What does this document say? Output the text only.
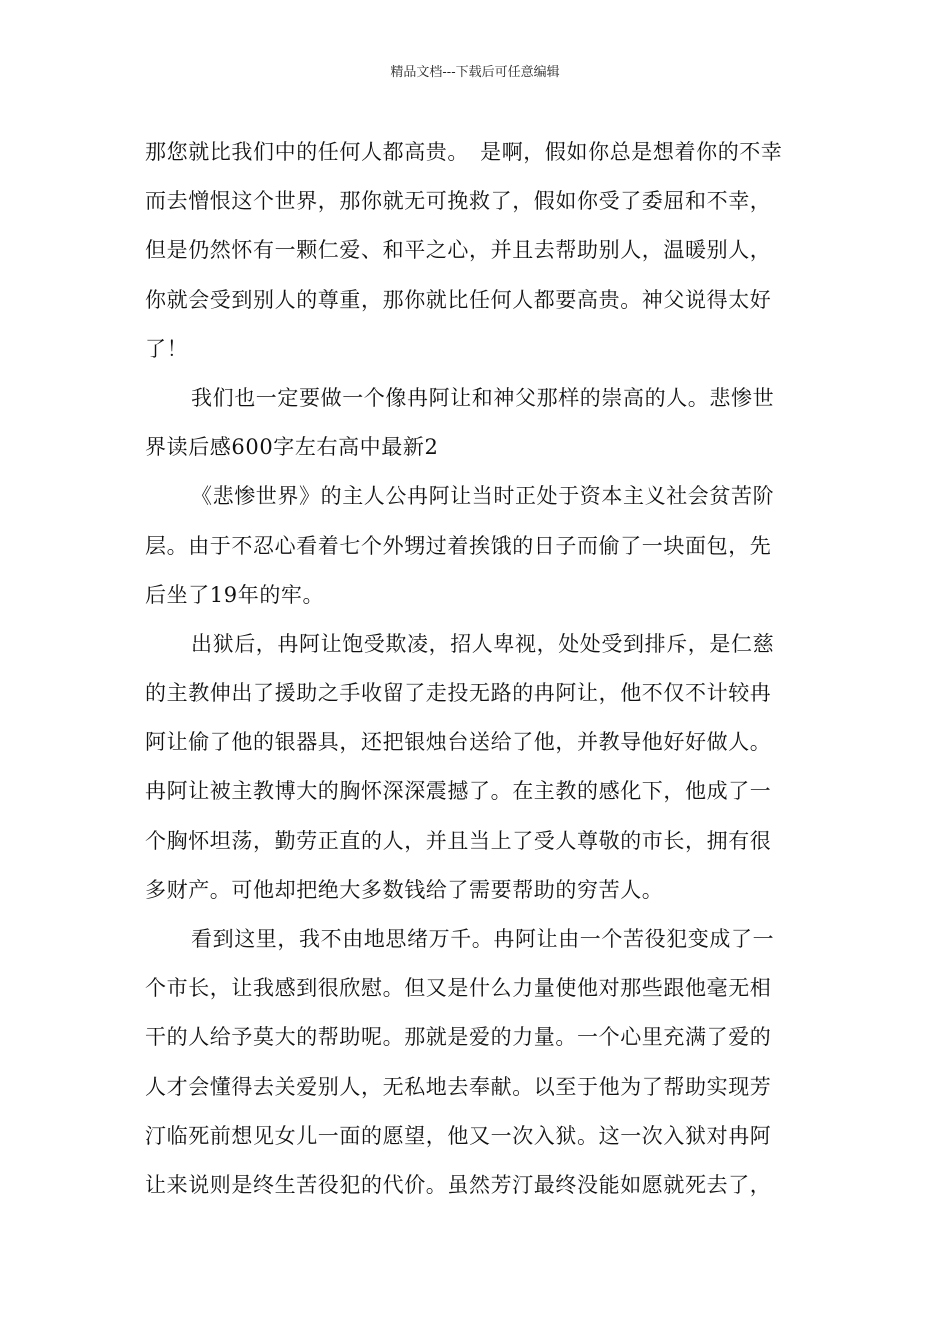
精品文档---下载后可任意编辑
那您就比我们中的任何人都高贵。　是啊，假如你总是想着你的不幸
而去憎恨这个世界，那你就无可挽救了，假如你受了委屈和不幸，
但是仍然怀有一颗仁爱、和平之心，并且去帮助别人，温暖别人，
你就会受到别人的尊重，那你就比任何人都要高贵。神父说得太好
了！
我们也一定要做一个像冉阿让和神父那样的崇高的人。悲惨世
界读后感600字左右高中最新2
《悲惨世界》的主人公冉阿让当时正处于资本主义社会贫苦阶
层。由于不忍心看着七个外甥过着挨饿的日子而偷了一块面包，先
后坐了19年的牢。
出狱后，冉阿让饱受欺凌，招人卑视，处处受到排斥，是仁慈
的主教伸出了援助之手收留了走投无路的冉阿让，他不仅不计较冉
阿让偷了他的银器具，还把银烛台送给了他，并教导他好好做人。
冉阿让被主教博大的胸怀深深震撼了。在主教的感化下，他成了一
个胸怀坦荡，勤劳正直的人，并且当上了受人尊敬的市长，拥有很
多财产。可他却把绝大多数钱给了需要帮助的穷苦人。
看到这里，我不由地思绪万千。冉阿让由一个苦役犯变成了一
个市长，让我感到很欣慰。但又是什么力量使他对那些跟他毫无相
干的人给予莫大的帮助呢。那就是爱的力量。一个心里充满了爱的
人才会懂得去关爱别人，无私地去奉献。以至于他为了帮助实现芳
汀临死前想见女儿一面的愿望，他又一次入狱。这一次入狱对冉阿
让来说则是终生苦役犯的代价。虽然芳汀最终没能如愿就死去了，
